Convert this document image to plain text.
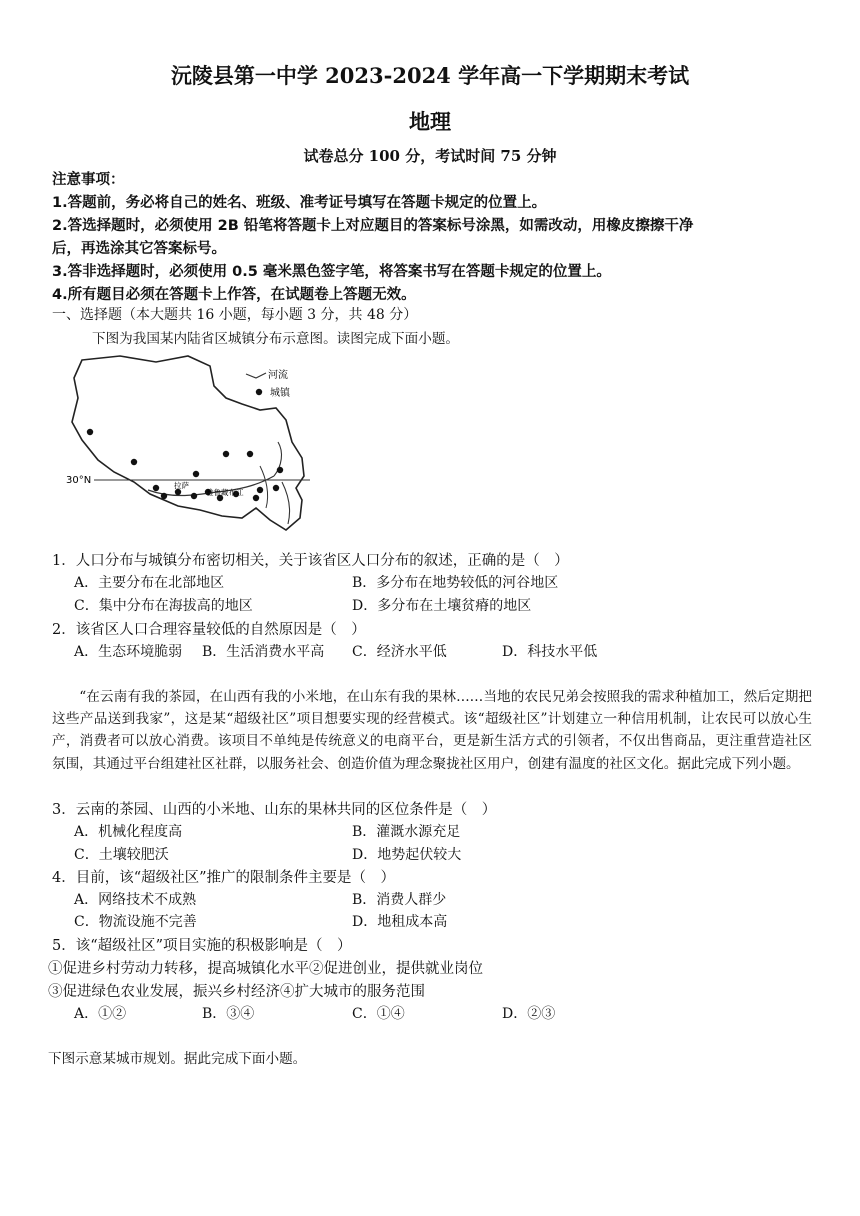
沅陵县第一中学 2023-2024 学年高一下学期期末考试
地理
试卷总分 100 分，考试时间 75 分钟
注意事项：
1.答题前，务必将自己的姓名、班级、准考证号填写在答题卡规定的位置上。
2.答选择题时，必须使用 2B 铅笔将答题卡上对应题目的答案标号涂黑，如需改动，用橡皮擦擦干净
后，再选涂其它答案标号。
3.答非选择题时，必须使用 0.5 毫米黑色签字笔，将答案书写在答题卡规定的位置上。
4.所有题目必须在答题卡上作答，在试题卷上答题无效。
一、选择题（本大题共 16 小题，每小题 3 分，共 48 分）
下图为我国某内陆省区城镇分布示意图。读图完成下面小题。
30°N	拉萨
雅鲁藏布江
河流
城镇
1．人口分布与城镇分布密切相关，关于该省区人口分布的叙述，正确的是（　）
A．主要分布在北部地区	B．多分布在地势较低的河谷地区
C．集中分布在海拔高的地区	D．多分布在土壤贫瘠的地区
2．该省区人口合理容量较低的自然原因是（　）
A．生态环境脆弱 B．生活消费水平高 C．经济水平低	D．科技水平低

“在云南有我的茶园，在山西有我的小米地，在山东有我的果林……当地的农民兄弟会按照我的需求种植加工，然后定期把这些产品送到我家”，这是某“超级社区”项目想要实现的经营模式。该“超级社区”计划建立一种信用机制，让农民可以放心生产，消费者可以放心消费。该项目不单纯是传统意义的电商平台，更是新生活方式的引领者，不仅出售商品，更注重营造社区氛围，其通过平台组建社区社群，以服务社会、创造价值为理念聚拢社区用户，创建有温度的社区文化。据此完成下列小题。

3．云南的茶园、山西的小米地、山东的果林共同的区位条件是（　）
A．机械化程度高	B．灌溉水源充足
C．土壤较肥沃	D．地势起伏较大
4．目前，该“超级社区”推广的限制条件主要是（　）
A．网络技术不成熟	B．消费人群少
C．物流设施不完善	D．地租成本高
5．该“超级社区”项目实施的积极影响是（　）
①促进乡村劳动力转移，提高城镇化水平②促进创业，提供就业岗位
③促进绿色农业发展，振兴乡村经济④扩大城市的服务范围
A．①②	B．③④	C．①④	D．②③
下图示意某城市规划。据此完成下面小题。
